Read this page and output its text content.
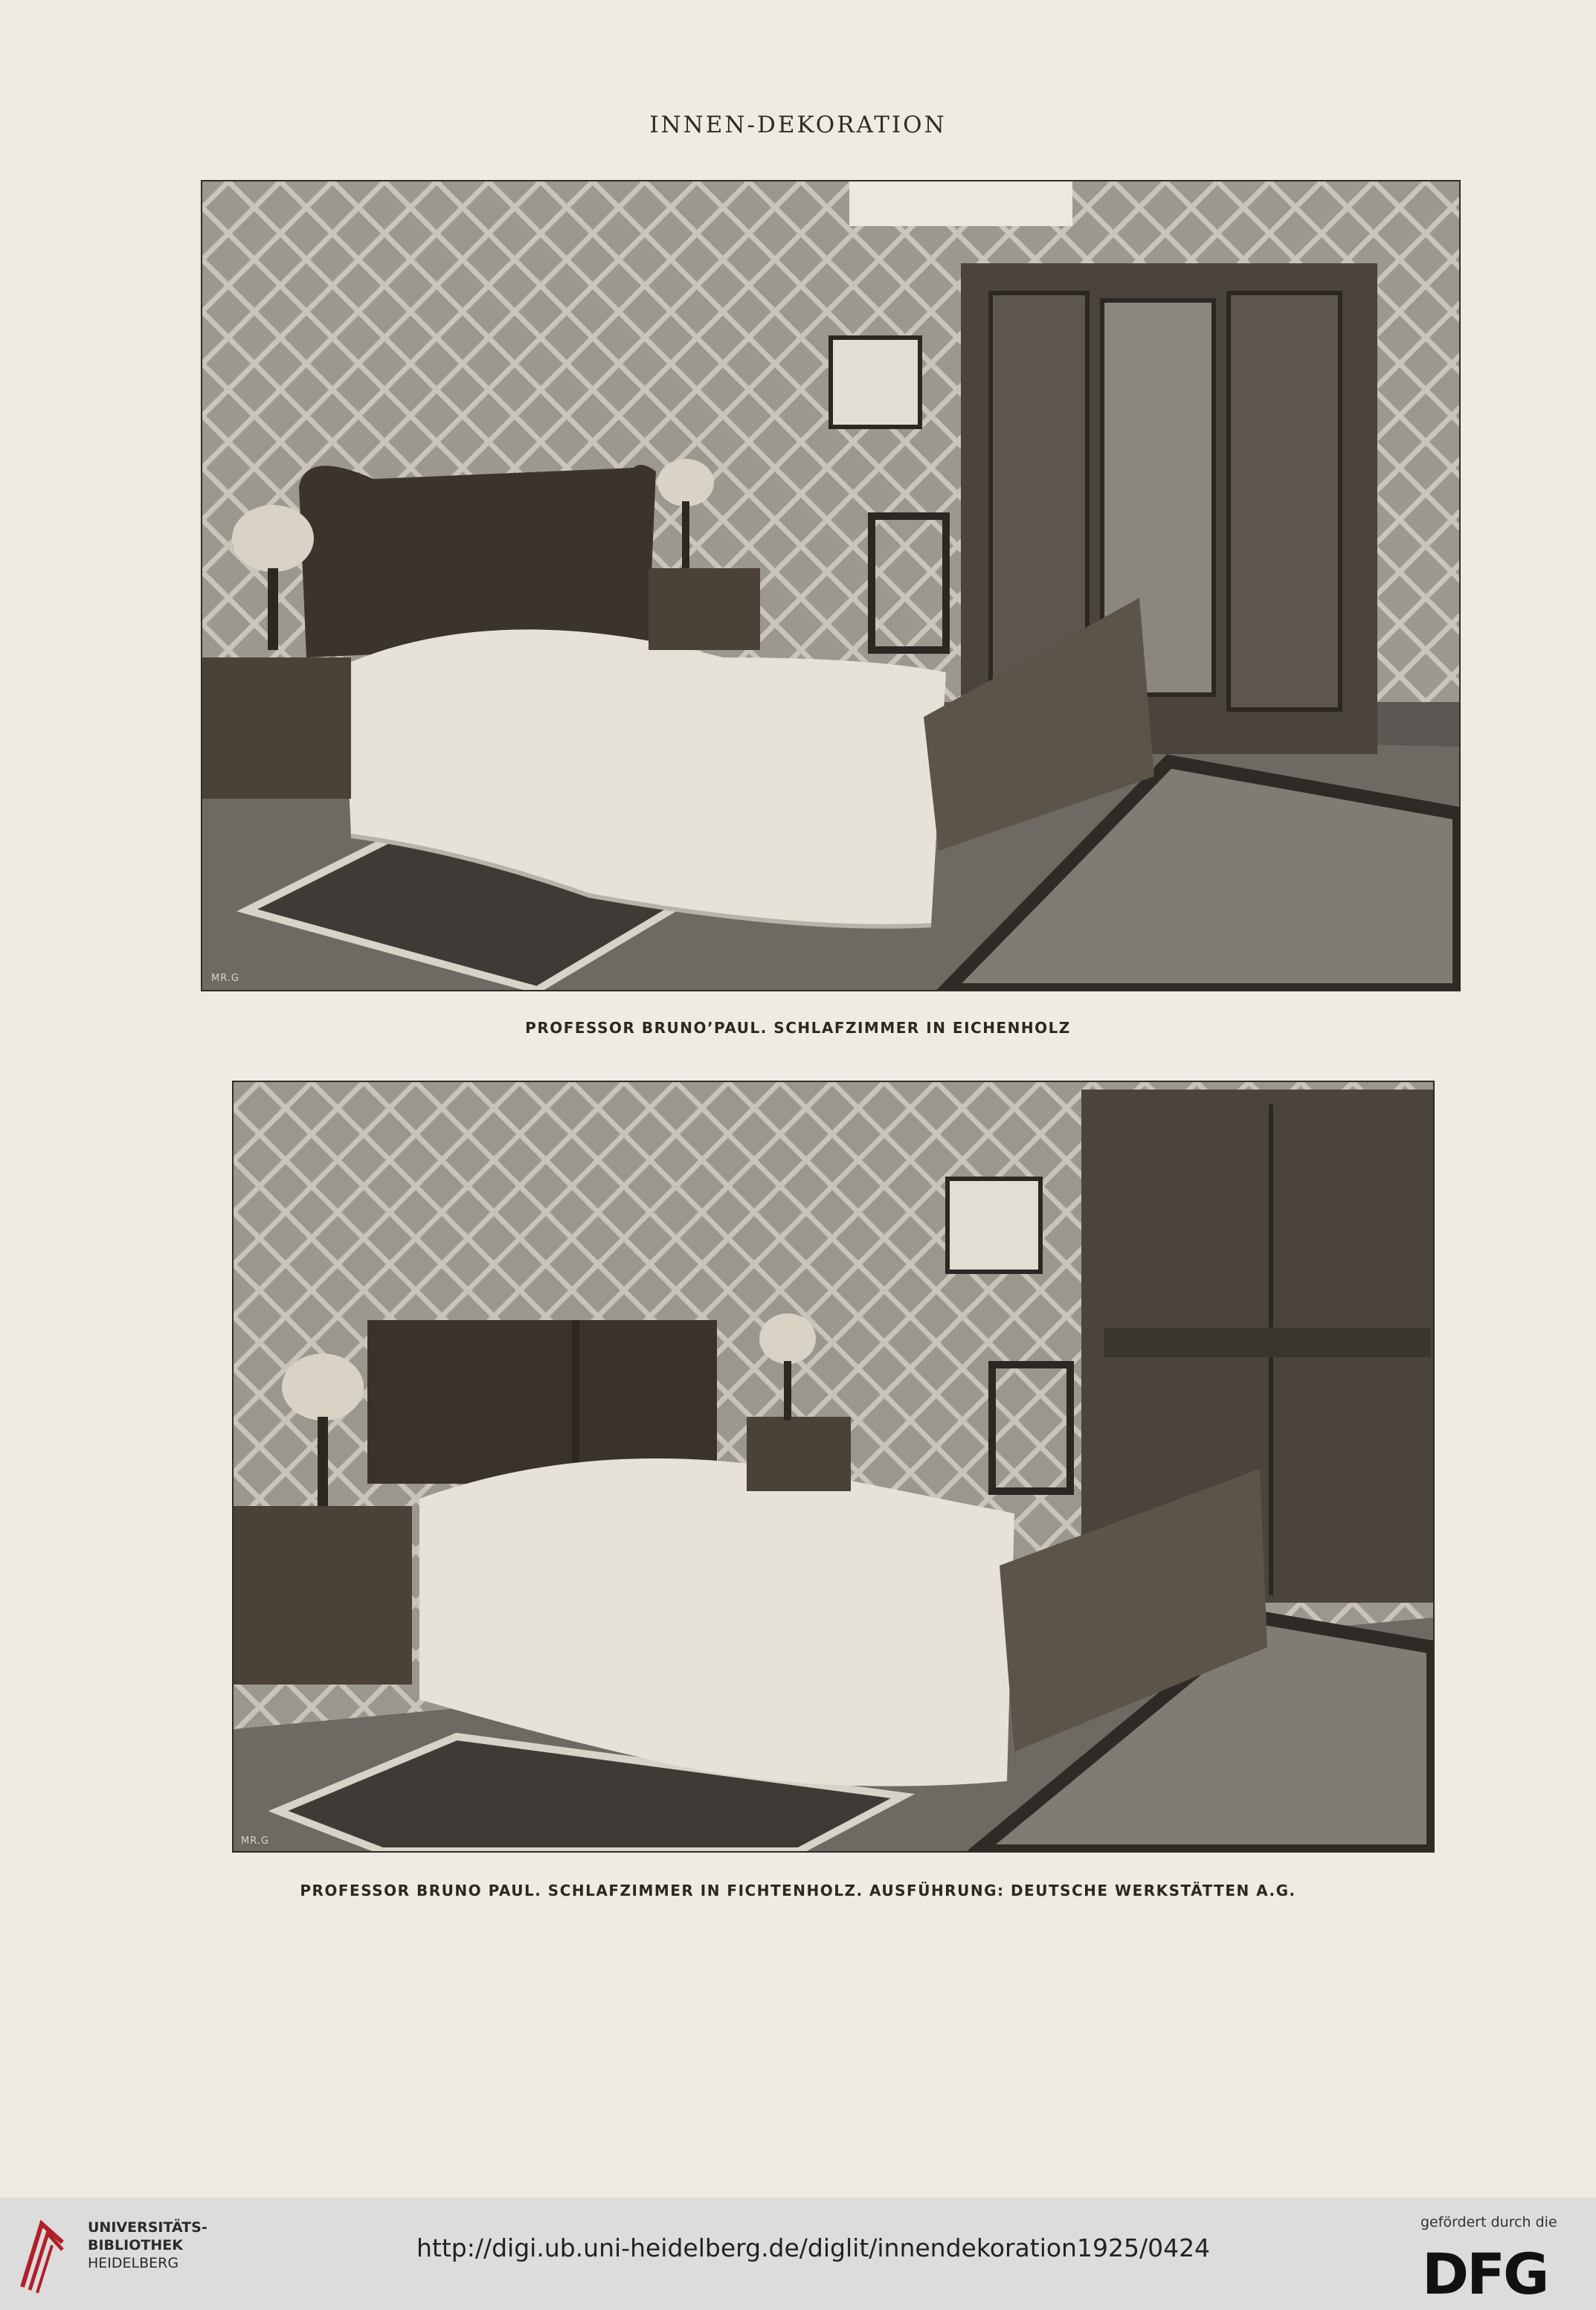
INNEN-DEKORATION
MR.G
PROFESSOR BRUNO’PAUL. SCHLAFZIMMER IN EICHENHOLZ
MR.G
PROFESSOR BRUNO PAUL. SCHLAFZIMMER IN FICHTENHOLZ. AUSFÜHRUNG: DEUTSCHE WERKSTÄTTEN A.G.
UNIVERSITÄTS-
BIBLIOTHEK
HEIDELBERG
http://digi.ub.uni-heidelberg.de/diglit/innendekoration1925/0424
gefördert durch die
DFG
